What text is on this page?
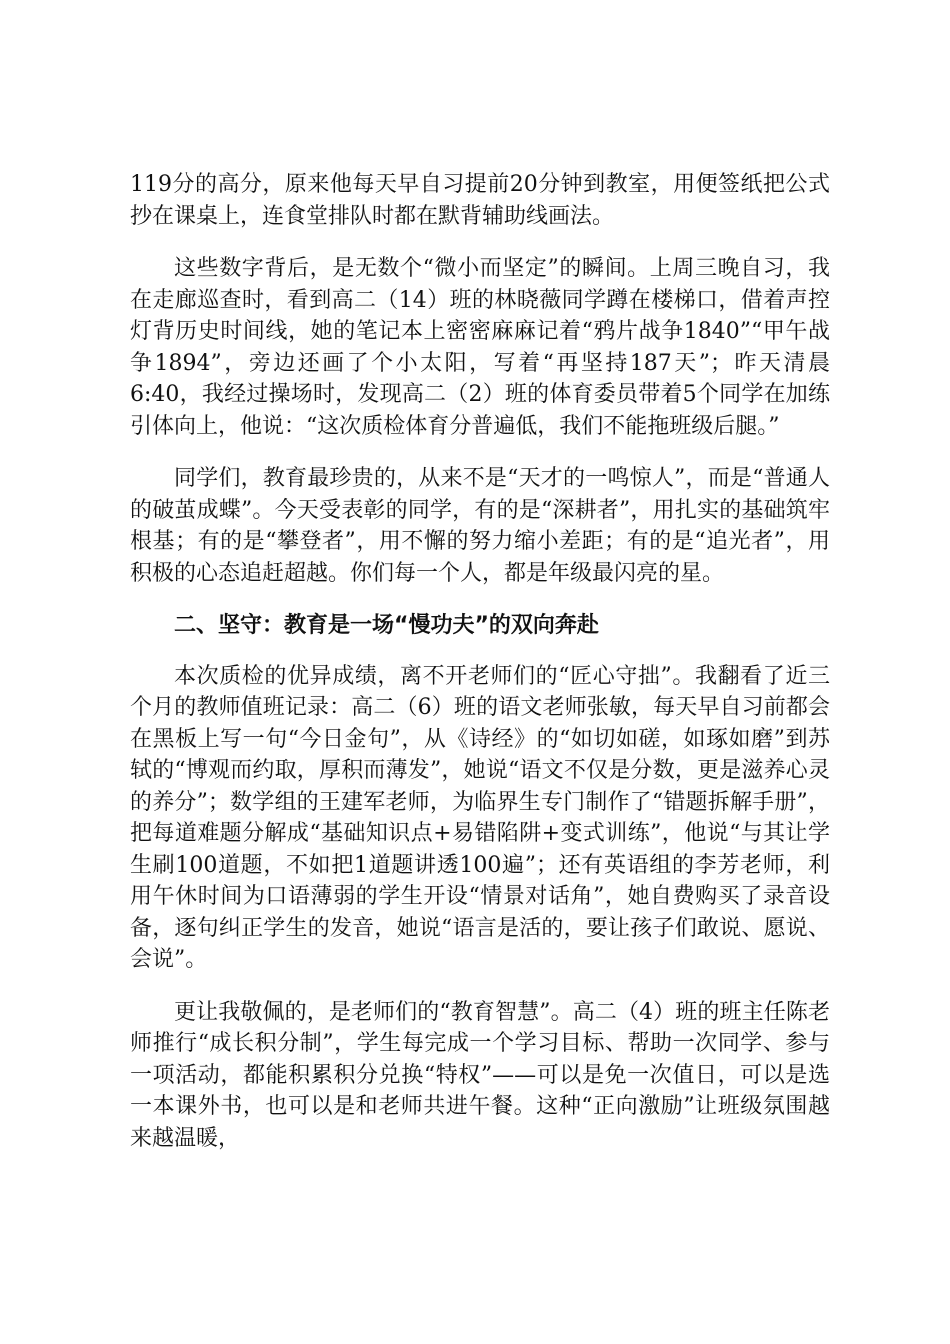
119分的高分，原来他每天早自习提前20分钟到教室，用便签纸把公式抄在课桌上，连食堂排队时都在默背辅助线画法。

这些数字背后，是无数个“微小而坚定”的瞬间。上周三晚自习，我在走廊巡查时，看到高二（14）班的林晓薇同学蹲在楼梯口，借着声控灯背历史时间线，她的笔记本上密密麻麻记着“鸦片战争1840”“甲午战争1894”，旁边还画了个小太阳，写着“再坚持187天”；昨天清晨6:40，我经过操场时，发现高二（2）班的体育委员带着5个同学在加练引体向上，他说：“这次质检体育分普遍低，我们不能拖班级后腿。”

同学们，教育最珍贵的，从来不是“天才的一鸣惊人”，而是“普通人的破茧成蝶”。今天受表彰的同学，有的是“深耕者”，用扎实的基础筑牢根基；有的是“攀登者”，用不懈的努力缩小差距；有的是“追光者”，用积极的心态追赶超越。你们每一个人，都是年级最闪亮的星。

二、坚守：教育是一场“慢功夫”的双向奔赴

本次质检的优异成绩，离不开老师们的“匠心守拙”。我翻看了近三个月的教师值班记录：高二（6）班的语文老师张敏，每天早自习前都会在黑板上写一句“今日金句”，从《诗经》的“如切如磋，如琢如磨”到苏轼的“博观而约取，厚积而薄发”，她说“语文不仅是分数，更是滋养心灵的养分”；数学组的王建军老师，为临界生专门制作了“错题拆解手册”，把每道难题分解成“基础知识点+易错陷阱+变式训练”，他说“与其让学生刷100道题，不如把1道题讲透100遍”；还有英语组的李芳老师，利用午休时间为口语薄弱的学生开设“情景对话角”，她自费购买了录音设备，逐句纠正学生的发音，她说“语言是活的，要让孩子们敢说、愿说、会说”。

更让我敬佩的，是老师们的“教育智慧”。高二（4）班的班主任陈老师推行“成长积分制”，学生每完成一个学习目标、帮助一次同学、参与一项活动，都能积累积分兑换“特权”——可以是免一次值日，可以是选一本课外书，也可以是和老师共进午餐。这种“正向激励”让班级氛围越来越温暖，
